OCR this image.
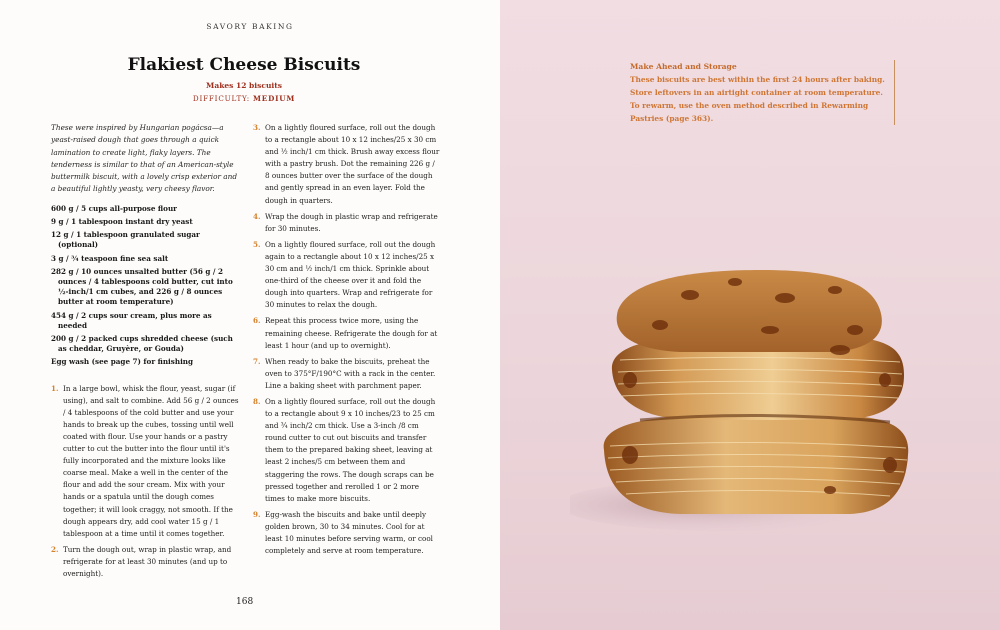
SAVORY BAKING
Flakiest Cheese Biscuits
Makes 12 biscuits
DIFFICULTY: MEDIUM

These were inspired by Hungarian pogácsa—a yeast-raised dough that goes through a quick lamination to create light, flaky layers. The tenderness is similar to that of an American-style buttermilk biscuit, with a lovely crisp exterior and a beautiful lightly yeasty, very cheesy flavor.

600 g / 5 cups all-purpose flour
9 g / 1 tablespoon instant dry yeast
12 g / 1 tablespoon granulated sugar (optional)
3 g / ¾ teaspoon fine sea salt
282 g / 10 ounces unsalted butter (56 g / 2 ounces / 4 tablespoons cold butter, cut into ½-inch/1 cm cubes, and 226 g / 8 ounces butter at room temperature)
454 g / 2 cups sour cream, plus more as needed
200 g / 2 packed cups shredded cheese (such as cheddar, Gruyère, or Gouda)
Egg wash (see page 7) for finishing
1. In a large bowl, whisk the flour, yeast, sugar (if using), and salt to combine. Add 56 g / 2 ounces / 4 tablespoons of the cold butter and use your hands to break up the cubes, tossing until well coated with flour. Use your hands or a pastry cutter to cut the butter into the flour until it's fully incorporated and the mixture looks like coarse meal. Make a well in the center of the flour and add the sour cream. Mix with your hands or a spatula until the dough comes together; it will look craggy, not smooth. If the dough appears dry, add cool water 15 g / 1 tablespoon at a time until it comes together.
2. Turn the dough out, wrap in plastic wrap, and refrigerate for at least 30 minutes (and up to overnight).
3. On a lightly floured surface, roll out the dough to a rectangle about 10 x 12 inches/25 x 30 cm and ½ inch/1 cm thick. Brush away excess flour with a pastry brush. Dot the remaining 226 g / 8 ounces butter over the surface of the dough and gently spread in an even layer. Fold the dough in quarters.
4. Wrap the dough in plastic wrap and refrigerate for 30 minutes.
5. On a lightly floured surface, roll out the dough again to a rectangle about 10 x 12 inches/25 x 30 cm and ½ inch/1 cm thick. Sprinkle about one-third of the cheese over it and fold the dough into quarters. Wrap and refrigerate for 30 minutes to relax the dough.
6. Repeat this process twice more, using the remaining cheese. Refrigerate the dough for at least 1 hour (and up to overnight).
7. When ready to bake the biscuits, preheat the oven to 375°F/190°C with a rack in the center. Line a baking sheet with parchment paper.
8. On a lightly floured surface, roll out the dough to a rectangle about 9 x 10 inches/23 to 25 cm and ¾ inch/2 cm thick. Use a 3-inch /8 cm round cutter to cut out biscuits and transfer them to the prepared baking sheet, leaving at least 2 inches/5 cm between them and staggering the rows. The dough scraps can be pressed together and rerolled 1 or 2 more times to make more biscuits.
9. Egg-wash the biscuits and bake until deeply golden brown, 30 to 34 minutes. Cool for at least 10 minutes before serving warm, or cool completely and serve at room temperature.
168
Make Ahead and Storage
These biscuits are best within the first 24 hours after baking. Store leftovers in an airtight container at room temperature. To rewarm, use the oven method described in Rewarming Pastries (page 363).
